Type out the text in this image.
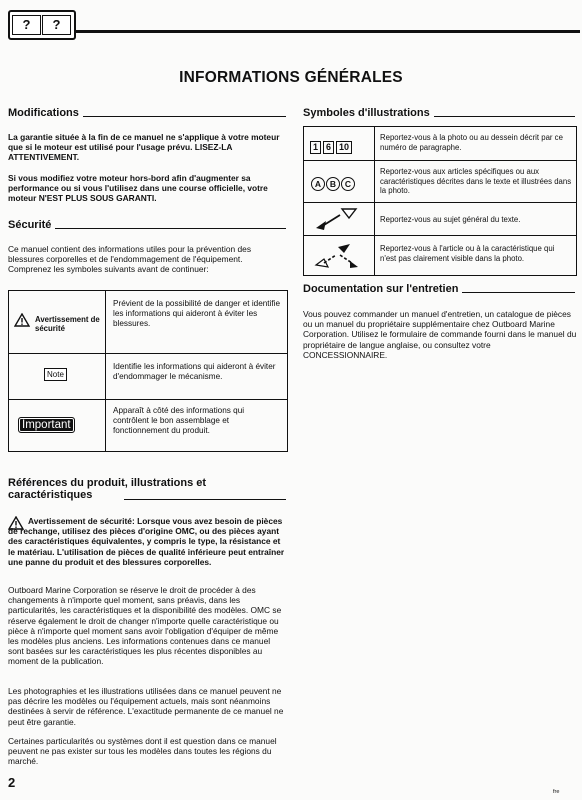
?	?
INFORMATIONS GÉNÉRALES
Modifications

La garantie située à la fin de ce manuel ne s'applique à votre moteur que si le moteur est utilisé pour l'usage prévu. LISEZ-LA ATTENTIVEMENT.

Si vous modifiez votre moteur hors-bord afin d'augmenter sa performance ou si vous l'utilisez dans une course officielle, votre moteur N'EST PLUS SOUS GARANTI.

Sécurité

Ce manuel contient des informations utiles pour la prévention des blessures corporelles et de l'endommagement de l'équipement. Comprenez les symboles suivants avant de continuer:

Avertissement de sécurité
Prévient de la possibilité de danger et identifie les informations qui aideront à éviter les blessures.
Note
Identifie les informations qui aideront à éviter d'endommager le mécanisme.
Important
Apparaît à côté des informations qui contrôlent le bon assemblage et fonctionnement du produit.
Références du produit, illustrations et caractéristiques

Avertissement de sécurité: Lorsque vous avez besoin de pièces de rechange, utilisez des pièces d'origine OMC, ou des pièces ayant des caractéristiques équivalentes, y compris le type, la résistance et le matériau. L'utilisation de pièces de qualité inférieure peut entraîner une panne du produit et des blessures corporelles.

Outboard Marine Corporation se réserve le droit de procéder à des changements à n'importe quel moment, sans préavis, dans les particularités, les caractéristiques et la disponibilité des modèles. OMC se réserve également le droit de changer n'importe quelle caractéristique ou pièce à n'importe quel moment sans avoir l'obligation d'équiper de même les modèles plus anciens. Les informations contenues dans ce manuel sont basées sur les caractéristiques les plus récentes disponibles au moment de la publication.

Les photographies et les illustrations utilisées dans ce manuel peuvent ne pas décrire les modèles ou l'équipement actuels, mais sont néanmoins destinées à servir de référence. L'exactitude permanente de ce manuel ne peut être garantie.

Certaines particularités ou systèmes dont il est question dans ce manuel peuvent ne pas exister sur tous les modèles dans toutes les régions du marché.

2
fre
Symboles d'illustrations
1 6 10
Reportez-vous à la photo ou au dessein décrit par ce numéro de paragraphe.
A B C
Reportez-vous aux articles spécifiques ou aux caractéristiques décrites dans le texte et illustrées dans la photo.
Reportez-vous au sujet général du texte.
Reportez-vous à l'article ou à la caractéristique qui n'est pas clairement visible dans la photo.
Documentation sur l'entretien

Vous pouvez commander un manuel d'entretien, un catalogue de pièces ou un manuel du propriétaire supplémentaire chez Outboard Marine Corporation. Utilisez le formulaire de commande fourni dans le manuel du propriétaire de langue anglaise, ou consultez votre CONCESSIONNAIRE.
